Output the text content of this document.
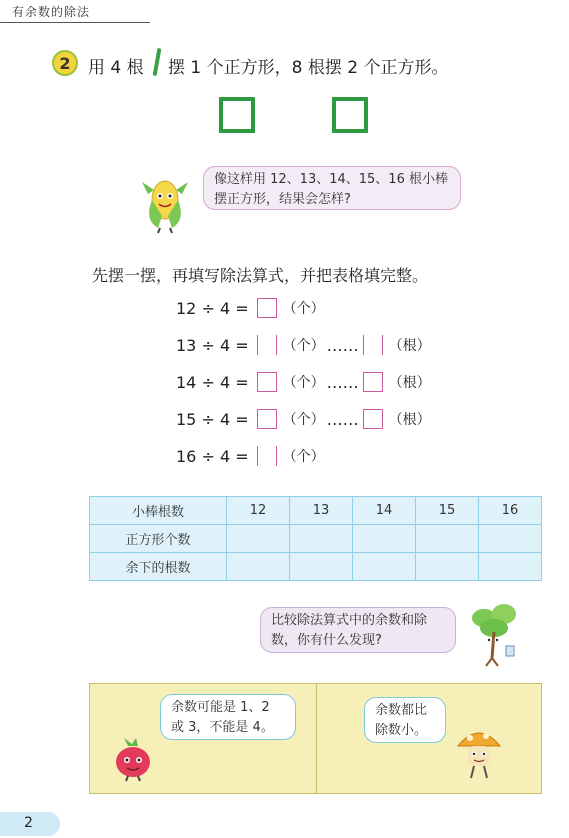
有余数的除法
2	用 4 根 摆 1 个正方形，8 根摆 2 个正方形。
像这样用 12、13、14、15、16 根小棒摆正方形，结果会怎样?
先摆一摆，再填写除法算式，并把表格填完整。
12 ÷ 4 = （个）
13 ÷ 4 = （个） …… （根）
14 ÷ 4 = （个） …… （根）
15 ÷ 4 = （个） …… （根）
16 ÷ 4 = （个）
小棒根数	12	13	14	15	16
正方形个数					
余下的根数					
比较除法算式中的余数和除数，你有什么发现?
余数可能是 1、2 或 3，不能是 4。
余数都比除数小。
2
